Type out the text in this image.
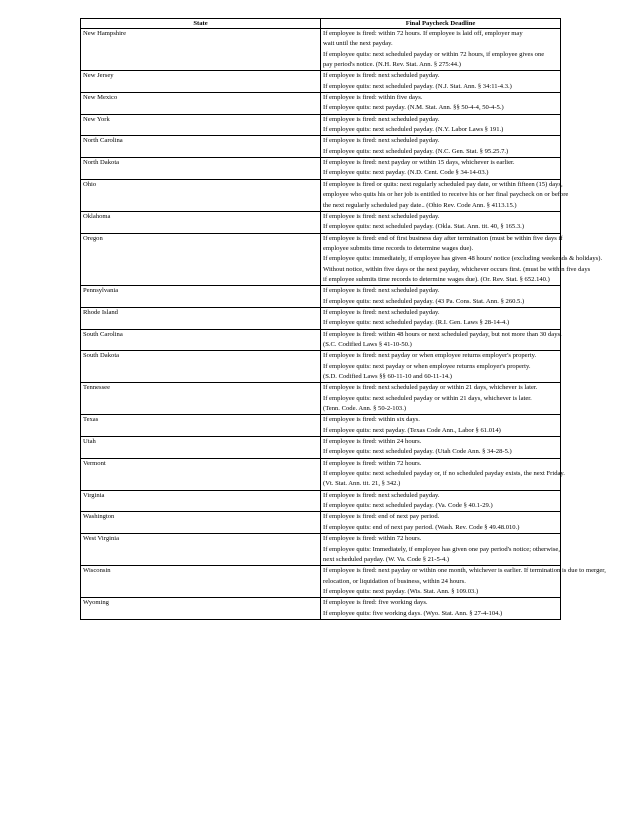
State	Final Paycheck Deadline
New Hampshire	If employee is fired: within 72 hours. If employee is laid off, employer may
wait until the next payday.
If employee quits: next scheduled payday or within 72 hours, if employee gives one
pay period's notice. (N.H. Rev. Stat. Ann. § 275:44.)

New Jersey	If employee is fired: next scheduled payday.
If employee quits: next scheduled payday. (N.J. Stat. Ann. § 34:11-4.3.)

New Mexico	If employee is fired: within five days.
If employee quits: next payday. (N.M. Stat. Ann. §§ 50-4-4, 50-4-5.)

New York	If employee is fired: next scheduled payday.
If employee quits: next scheduled payday. (N.Y. Labor Laws § 191.)

North Carolina	If employee is fired: next scheduled payday.
If employee quits: next scheduled payday. (N.C. Gen. Stat. § 95.25.7.)

North Dakota	If employee is fired: next payday or within 15 days, whichever is earlier.
If employee quits: next payday. (N.D. Cent. Code § 34-14-03.)

Ohio	If employee is fired or quits: next regularly scheduled pay date, or within fifteen (15) days,
employee who quits his or her job is entitled to receive his or her final paycheck on or before
the next regularly scheduled pay date.. (Ohio Rev. Code Ann. § 4113.15.)

Oklahoma	If employee is fired: next scheduled payday.
If employee quits: next scheduled payday. (Okla. Stat. Ann. tit. 40, § 165.3.)

Oregon	If employee is fired: end of first business day after termination (must be within five days if
employee submits time records to determine wages due).
If employee quits: immediately, if employee has given 48 hours' notice (excluding weekends & holidays).
Without notice, within five days or the next payday, whichever occurs first. (must be within five days
if employee submits time records to determine wages due). (Or. Rev. Stat. § 652.140.)

Pennsylvania	If employee is fired: next scheduled payday.
If employee quits: next scheduled payday. (43 Pa. Cons. Stat. Ann. § 260.5.)

Rhode Island	If employee is fired: next scheduled payday.
If employee quits: next scheduled payday. (R.I. Gen. Laws § 28-14-4.)

South Carolina	If employee is fired: within 48 hours or next scheduled payday, but not more than 30 days.
(S.C. Codified Laws § 41-10-50.)

South Dakota	If employee is fired: next payday or when employee returns employer's property.
If employee quits: next payday or when employee returns employer's property.
(S.D. Codified Laws §§ 60-11-10 and 60-11-14.)

Tennessee	If employee is fired: next scheduled payday or within 21 days, whichever is later.
If employee quits: next scheduled payday or within 21 days, whichever is later.
(Tenn. Code. Ann. § 50-2-103.)

Texas	If employee is fired: within six days.
If employee quits: next payday. (Texas Code Ann., Labor § 61.014)

Utah	If employee is fired: within 24 hours.
If employee quits: next scheduled payday. (Utah Code Ann. § 34-28-5.)

Vermont	If employee is fired: within 72 hours.
If employee quits: next scheduled payday or, if no scheduled payday exists, the next Friday.
(Vt. Stat. Ann. tit. 21, § 342.)

Virginia	If employee is fired: next scheduled payday.
If employee quits: next scheduled payday. (Va. Code § 40.1-29.)

Washington	If employee is fired: end of next pay period.
If employee quits: end of next pay period. (Wash. Rev. Code § 49.48.010.)

West Virginia	If employee is fired: within 72 hours.
If employee quits: Immediately, if employee has given one pay period's notice; otherwise,
next scheduled payday. (W. Va. Code § 21-5-4.)

Wisconsin	If employee is fired: next payday or within one month, whichever is earlier. If termination is due to merger,
relocation, or liquidation of business, within 24 hours.
If employee quits: next payday. (Wis. Stat. Ann. § 109.03.)

Wyoming	If employee is fired: five working days.
If employee quits: five working days. (Wyo. Stat. Ann. § 27-4-104.)
